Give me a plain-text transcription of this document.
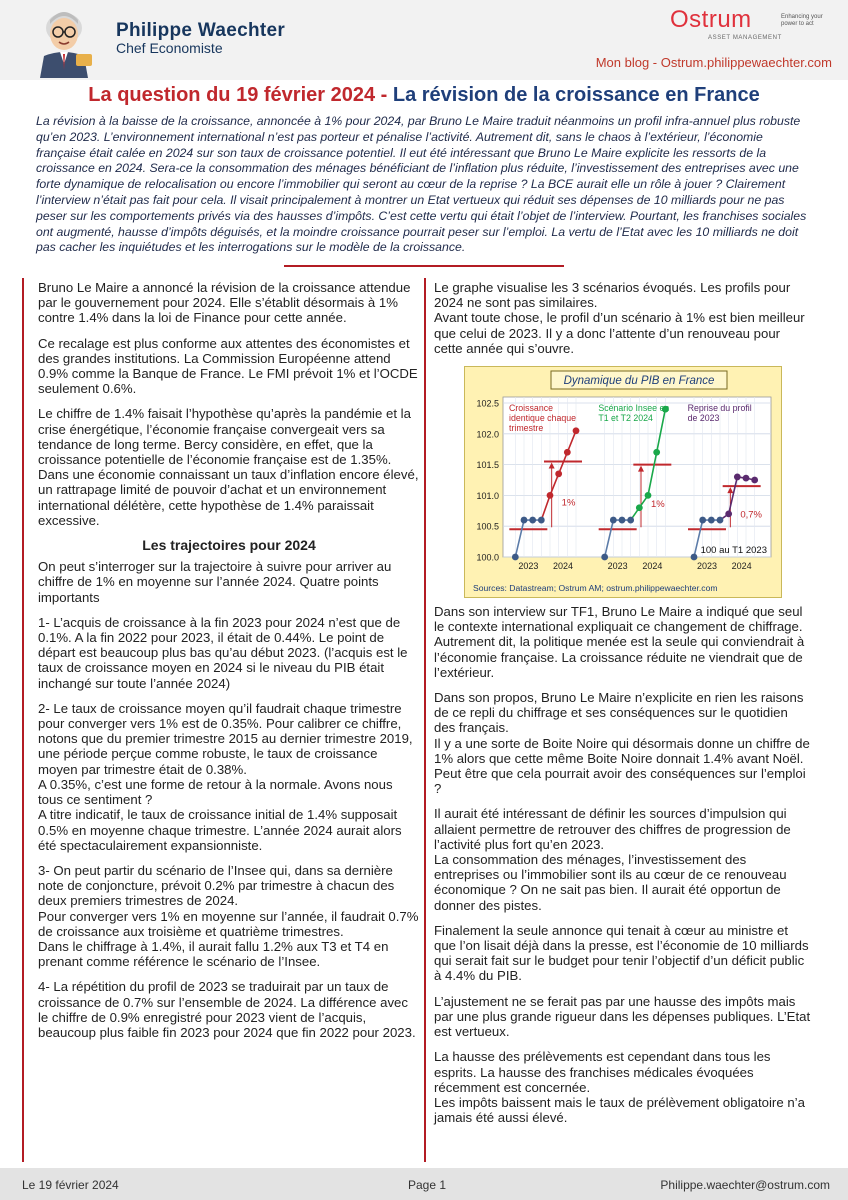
Philippe Waechter
Chef Economiste
Ostrum
ASSET MANAGEMENT
Enhancing your power to act
Mon blog - Ostrum.philippewaechter.com
La question du 19 février 2024 - La révision de la croissance en France
La révision à la baisse de la croissance, annoncée à 1% pour 2024, par Bruno Le Maire traduit néanmoins un profil infra-annuel plus robuste qu’en 2023. L’environnement international n’est pas porteur et pénalise l’activité. Autrement dit, sans le chaos à l’extérieur, l’économie française était calée en 2024 sur son taux de croissance potentiel. Il eut été intéressant que Bruno Le Maire explicite les ressorts de la croissance en 2024. Sera-ce la consommation des ménages bénéficiant de l’inflation plus réduite, l’investissement des entreprises avec une forte dynamique de relocalisation ou encore l’immobilier qui seront au cœur de la reprise ? La BCE aurait elle un rôle à jouer ? Clairement l’interview n’était pas fait pour cela. Il visait principalement à montrer un Etat vertueux qui réduit ses dépenses de 10 milliards pour ne pas peser sur les comportements privés via des hausses d’impôts. C’est cette vertu qui était l’objet de l’interview. Pourtant, les franchises sociales ont augmenté, hausse d’impôts déguisés, et la moindre croissance pourrait peser sur l’emploi. La vertu de l’Etat avec les 10 milliards ne doit pas cacher les inquiétudes et les interrogations sur le modèle de la croissance.

Bruno Le Maire a annoncé la révision de la croissance attendue par le gouvernement pour 2024. Elle s’établit désormais à 1% contre 1.4% dans la loi de Finance pour cette année.

Ce recalage est plus conforme aux attentes des économistes et des grandes institutions. La Commission Européenne attend 0.9% comme la Banque de France. Le FMI prévoit 1% et l’OCDE seulement 0.6%.

Le chiffre de 1.4% faisait l’hypothèse qu’après la pandémie et la crise énergétique, l’économie française convergeait vers sa tendance de long terme. Bercy considère, en effet, que la croissance potentielle de l’économie française est de 1.35%.

Dans une économie connaissant un taux d’inflation encore élevé, un rattrapage limité de pouvoir d’achat et un environnement international délétère, cette hypothèse de 1.4% paraissait excessive.

Les trajectoires pour 2024

On peut s’interroger sur la trajectoire à suivre pour arriver au chiffre de 1% en moyenne sur l’année 2024. Quatre points importants

1- L’acquis de croissance à la fin 2023 pour 2024 n’est que de 0.1%. A la fin 2022 pour 2023, il était de 0.44%. Le point de départ est beaucoup plus bas qu’au début 2023. (l’acquis est le taux de croissance moyen en 2024 si le niveau du PIB était inchangé sur toute l’année 2024)

2- Le taux de croissance moyen qu’il faudrait chaque trimestre pour converger vers 1% est de 0.35%. Pour calibrer ce chiffre, notons que du premier trimestre 2015 au dernier trimestre 2019, une période perçue comme robuste, le taux de croissance moyen par trimestre était de 0.38%.

A 0.35%, c’est une forme de retour à la normale. Avons nous tous ce sentiment ?

A titre indicatif, le taux de croissance initial de 1.4% supposait 0.5% en moyenne chaque trimestre. L’année 2024 aurait alors été spectaculairement expansionniste.

3- On peut partir du scénario de l’Insee qui, dans sa dernière note de conjoncture, prévoit 0.2% par trimestre à chacun des deux premiers trimestres de 2024.

Pour converger vers 1% en moyenne sur l’année, il faudrait 0.7% de croissance aux troisième et quatrième trimestres.

Dans le chiffrage à 1.4%, il aurait fallu 1.2% aux T3 et T4 en prenant comme référence le scénario de l’Insee.

4- La répétition du profil de 2023 se traduirait par un taux de croissance de 0.7% sur l’ensemble de 2024. La différence avec le chiffre de 0.9% enregistré pour 2023 vient de l’acquis, beaucoup plus faible fin 2023 pour 2024 que fin 2022 pour 2023.

Le graphe visualise les 3 scénarios évoqués. Les profils pour 2024 ne sont pas similaires.

Avant toute chose, le profil d’un scénario à 1% est bien meilleur que celui de 2023. Il y a donc l’attente d’un renouveau pour cette année qui s’ouvre.

Dynamique du PIB en France
100.0
100.5
101.0
101.5
102.0
102.5
1%
Croissance
identique chaque
trimestre
2023 2024
1%
Scénario Insee en
T1 et T2 2024
2023 2024
0,7%
Reprise du profil
de 2023
2023 2024
100 au T1 2023
Sources: Datastream; Ostrum AM; ostrum.philippewaechter.com

Dans son interview sur TF1, Bruno Le Maire a indiqué que seul le contexte international expliquait ce changement de chiffrage. Autrement dit, la politique menée est la seule qui conviendrait à l’économie française. La croissance réduite ne viendrait que de l’extérieur.

Dans son propos, Bruno Le Maire n’explicite en rien les raisons de ce repli du chiffrage et ses conséquences sur le quotidien des français.

Il y a une sorte de Boite Noire qui désormais donne un chiffre de 1% alors que cette même Boite Noire donnait 1.4% avant Noël.

Peut être que cela pourrait avoir des conséquences sur l’emploi ?

Il aurait été intéressant de définir les sources d’impulsion qui allaient permettre de retrouver des chiffres de progression de l’activité plus fort qu’en 2023.

La consommation des ménages, l’investissement des entreprises ou l’immobilier sont ils au cœur de ce renouveau économique ? On ne sait pas bien. Il aurait été opportun de donner des pistes.

Finalement la seule annonce qui tenait à cœur au ministre et que l’on lisait déjà dans la presse, est l’économie de 10 milliards qui serait fait sur le budget pour tenir l’objectif d’un déficit public à 4.4% du PIB.

L’ajustement ne se ferait pas par une hausse des impôts mais par une plus grande rigueur dans les dépenses publiques. L’Etat est vertueux.

La hausse des prélèvements est cependant dans tous les esprits. La hausse des franchises médicales évoquées récemment est concernée.

Les impôts baissent mais le taux de prélèvement obligatoire n’a jamais été aussi élevé.

Le 19 février 2024	Page 1	Philippe.waechter@ostrum.com
